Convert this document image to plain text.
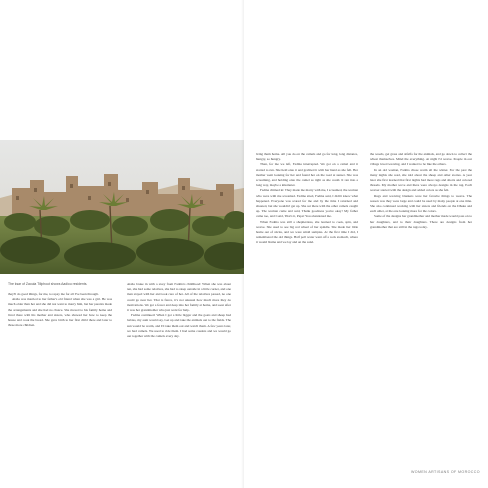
The ksar of Zaouia Tiliphout shows Aadiou residents.

they'll do good things, for me, to repay me for all I've been through.

Aisha was married to her father's old friend when she was a girl. He was much older than her and she did not want to marry him, but her parents made the arrangements and she had no choice. She moved to his family home and lived there with his mother and sisters, who showed her how to keep the house and cook the bread. She gave birth to her first child there and later to three more children.

Aisha broke in with a story from Fadma's childhood: When she was about ten, she had some relatives, she had to sleep outside in a little corner, and one man stayed with her and took care of her. All of the relatives passed, no one could go near her. That is fierce, it's not unusual how much more they do motivations. We got a fewer and deep into her family at home, and soon after it was her grandmother who just went for help.

Fadma continued: When I got a little bigger and the goats and sheep had babies, my aunt would say, Get up and take the animals out to the fields. The sun would be warm, and I'd take them out and watch them. A few years later, we had camels. We used to ride them. I had some cousins and we would go out together with the camels every day.

bring them home. All you do on the camels and go for long, long distance, hungry, so hungry.

Then, for me we left, Fadma interrupted. We got on a camel and it started to run. She held onto it and grabbed it with her hand as she fell. Her mother went looking for her and found her on the road at sunset. She was screaming, and holding onto the camel as tight as she could. It ran into a long way, maybe a kilometer.

Fadma chimed in: They made me marry with me, I screamed, the woman who were with me screamed. Fadma sited, Fadma said, I didn't know what happened. Everyone was scared for me and by the time I returned and shouted, but she wouldn't get up. She sat there with the other camels caught up. The woman came and said, Thank goodness you're okay! My father came too, and I said, That's it, Papa! You abandoned me.

When Fadma was still a shepherdess, she learned to cook, spin, and weave. She used to see big red wheel of her spindle. She made her little home out of sticks, and we were small samples. At the first time I did, I remembered the old things. Half poll water went off a rock stomach, where it would blame and we lay and on the sand.

the weeds, get grass and alfalfa for the animals, and go down to collect the wheat themselves. Mind the everything. At night I'd weave. People in our village loved weaving, and I wanted to be like the others.

In an old woman, Fadma chose warm all the winter. For the past the many nights she read, she told about the sheep and other stories. A year later she first learned that first nights had more rugs and shorts and colored threads. My mother wove and there were always designs in the rug. Each weaver started with the design and added colors as she felt.

Rugs and weaving blankets were her favorite things to weave. The reason was they were large and could be used by many people at one time. She also continued working with her sisters and friends on the Dhaka and each other, at the one looking more for the colors.

Some of the designs her grandmother and mother made would pass on to her daughters, and to their daughters. There are designs from her grandmother that are still in the rugs today.

WOMEN ARTISANS OF MOROCCO
